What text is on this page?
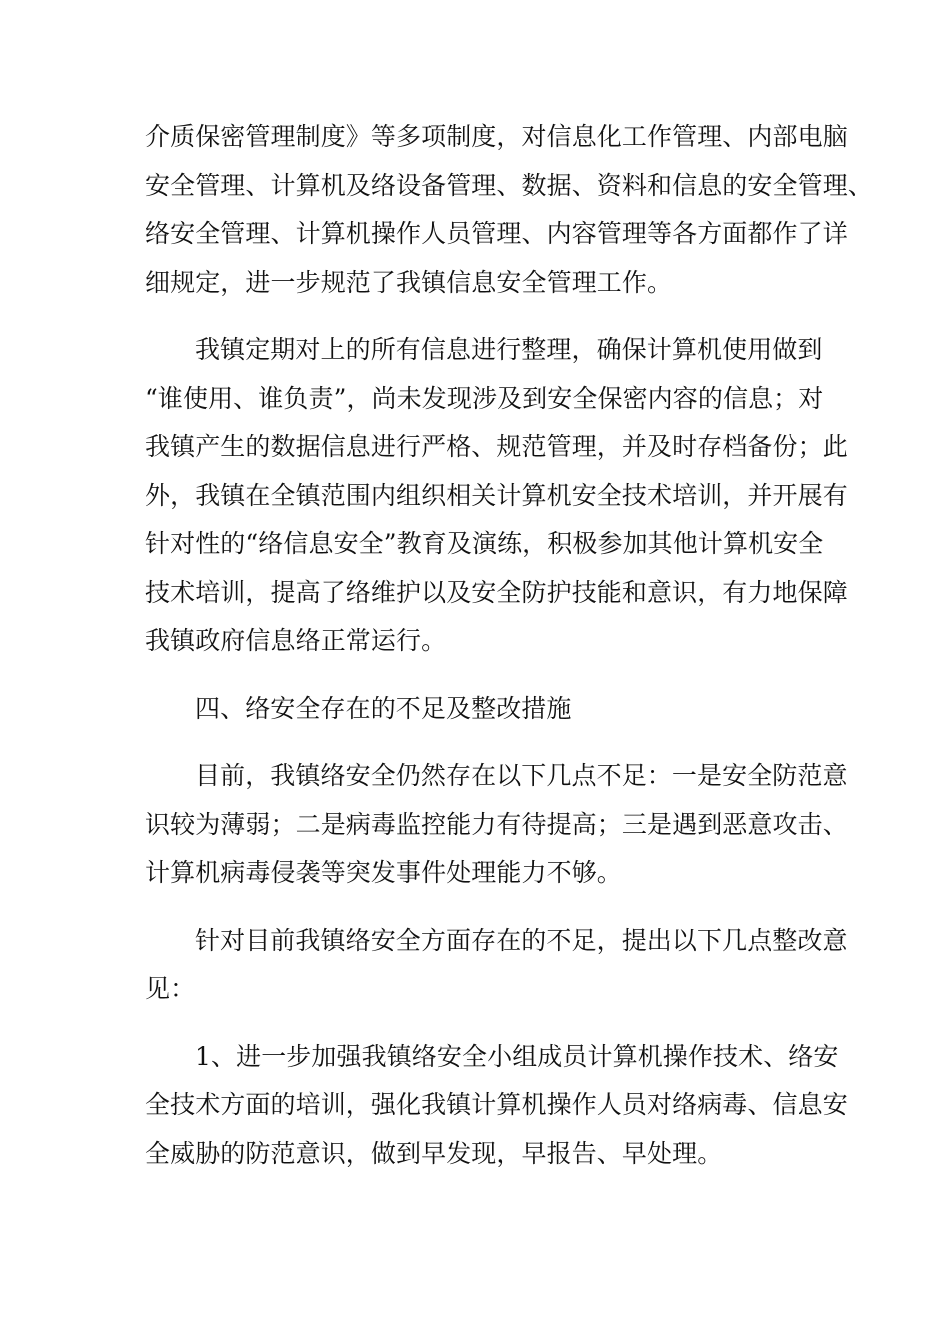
介质保密管理制度》等多项制度，对信息化工作管理、内部电脑
安全管理、计算机及络设备管理、数据、资料和信息的安全管理、
络安全管理、计算机操作人员管理、内容管理等各方面都作了详
细规定，进一步规范了我镇信息安全管理工作。

我镇定期对上的所有信息进行整理，确保计算机使用做到
“谁使用、谁负责”，尚未发现涉及到安全保密内容的信息；对
我镇产生的数据信息进行严格、规范管理，并及时存档备份；此
外，我镇在全镇范围内组织相关计算机安全技术培训，并开展有
针对性的“络信息安全”教育及演练，积极参加其他计算机安全
技术培训，提高了络维护以及安全防护技能和意识，有力地保障
我镇政府信息络正常运行。

四、络安全存在的不足及整改措施

目前，我镇络安全仍然存在以下几点不足：一是安全防范意
识较为薄弱；二是病毒监控能力有待提高；三是遇到恶意攻击、
计算机病毒侵袭等突发事件处理能力不够。

针对目前我镇络安全方面存在的不足，提出以下几点整改意
见：

1、进一步加强我镇络安全小组成员计算机操作技术、络安
全技术方面的培训，强化我镇计算机操作人员对络病毒、信息安
全威胁的防范意识，做到早发现，早报告、早处理。
